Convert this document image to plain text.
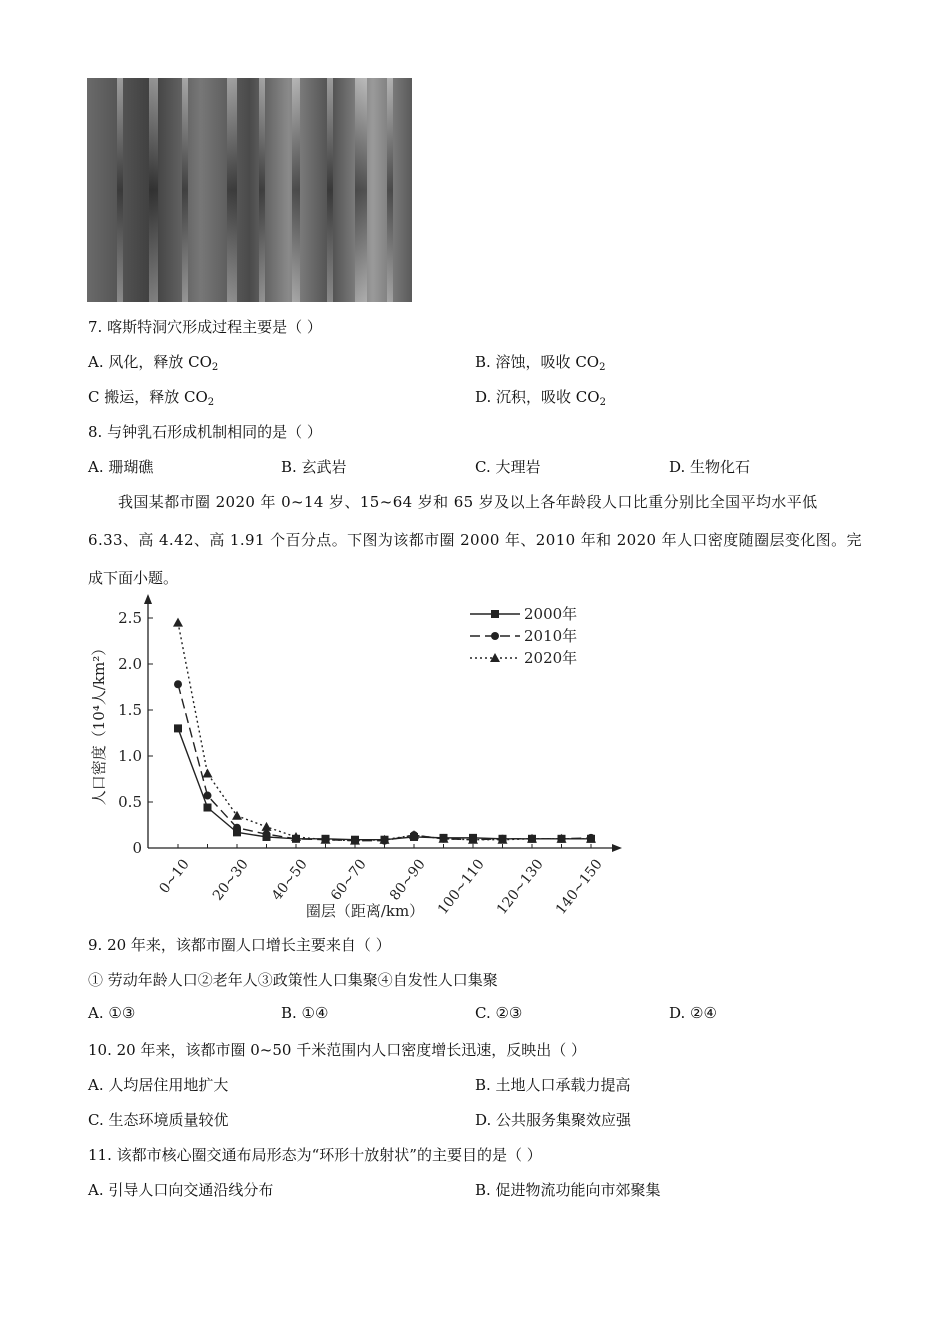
7. 喀斯特洞穴形成过程主要是（ ）
A. 风化，释放 $CO_2$	B. 溶蚀，吸收 $CO_2$
C 搬运，释放 $CO_2$	D. 沉积，吸收 $CO_2$
8. 与钟乳石形成机制相同的是（ ）
A. 珊瑚礁	B. 玄武岩	C. 大理岩	D. 生物化石
我国某都市圈 2020 年 0~14 岁、15~64 岁和 65 岁及以上各年龄段人口比重分别比全国平均水平低
6.33、高 4.42、高 1.91 个百分点。下图为该都市圈 2000 年、2010 年和 2020 年人口密度随圈层变化图。完
成下面小题。
0
0.5
1.0
1.5
2.0
2.5
0~10 20~30 40~50 60~70 80~90 100~110 120~130 140~150
圈层（距离/km）
人口密度（10⁴人/km²）
2000年
2010年
2020年
9. 20 年来，该都市圈人口增长主要来自（ ）
① 劳动年龄人口②老年人③政策性人口集聚④自发性人口集聚
A. ①③	B. ①④	C. ②③	D. ②④
10. 20 年来，该都市圈 0~50 千米范围内人口密度增长迅速，反映出（ ）
A. 人均居住用地扩大	B. 土地人口承载力提高
C. 生态环境质量较优	D. 公共服务集聚效应强
11. 该都市核心圈交通布局形态为“环形十放射状”的主要目的是（ ）
A. 引导人口向交通沿线分布	B. 促进物流功能向市郊聚集
